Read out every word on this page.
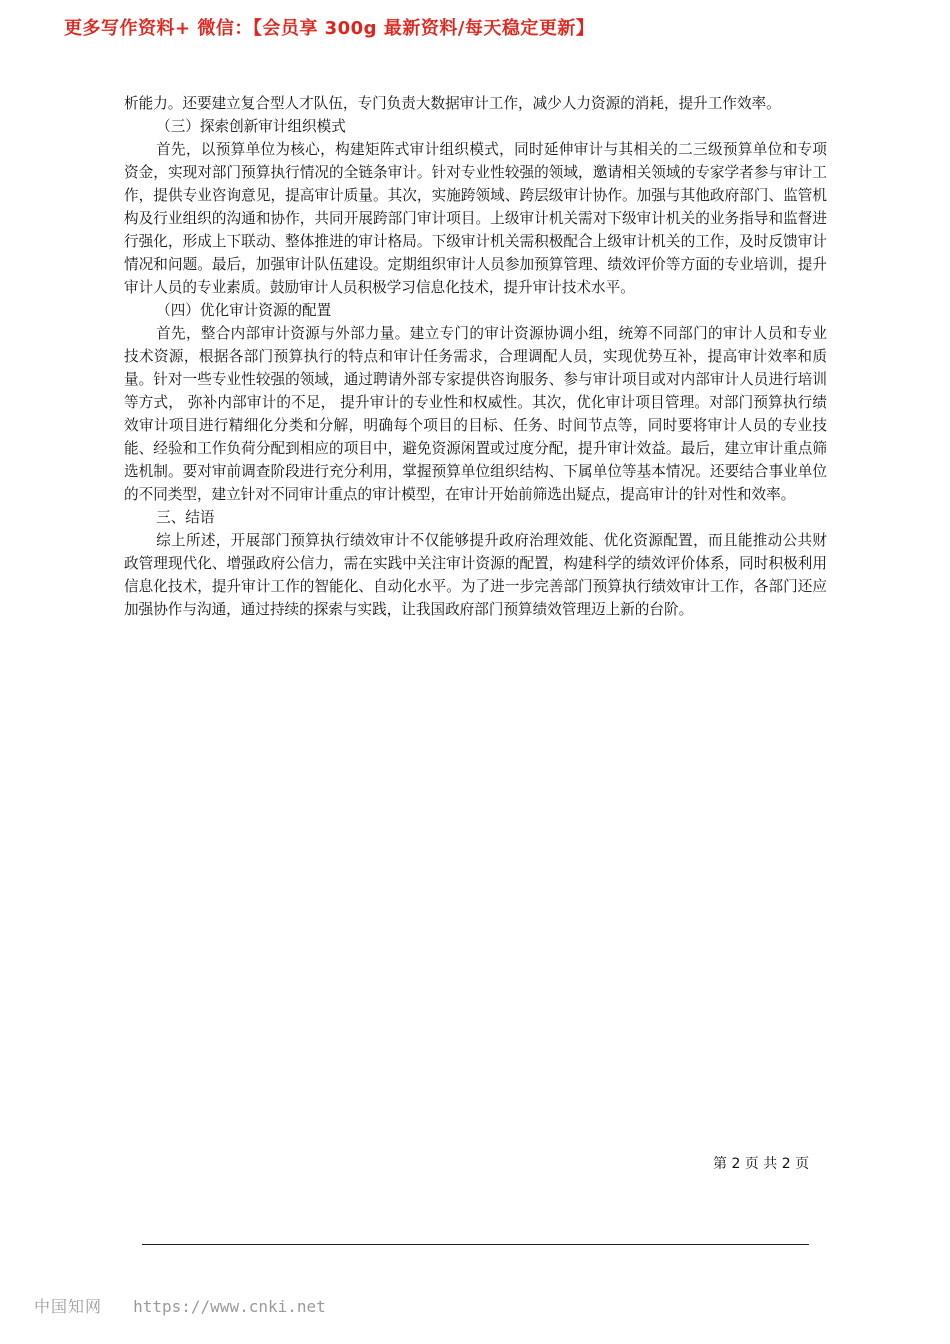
更多写作资料+ 微信：【会员享 300g 最新资料/每天稳定更新】

析能力。还要建立复合型人才队伍，专门负责大数据审计工作，减少人力资源的消耗，提升工作效率。

（三）探索创新审计组织模式

首先，以预算单位为核心，构建矩阵式审计组织模式，同时延伸审计与其相关的二三级预算单位和专项资金，实现对部门预算执行情况的全链条审计。针对专业性较强的领域，邀请相关领域的专家学者参与审计工作，提供专业咨询意见，提高审计质量。其次，实施跨领域、跨层级审计协作。加强与其他政府部门、监管机构及行业组织的沟通和协作，共同开展跨部门审计项目。上级审计机关需对下级审计机关的业务指导和监督进行强化，形成上下联动、整体推进的审计格局。下级审计机关需积极配合上级审计机关的工作，及时反馈审计情况和问题。最后，加强审计队伍建设。定期组织审计人员参加预算管理、绩效评价等方面的专业培训，提升审计人员的专业素质。鼓励审计人员积极学习信息化技术，提升审计技术水平。

（四）优化审计资源的配置

首先，整合内部审计资源与外部力量。建立专门的审计资源协调小组，统筹不同部门的审计人员和专业技术资源，根据各部门预算执行的特点和审计任务需求，合理调配人员，实现优势互补，提高审计效率和质量。针对一些专业性较强的领域，通过聘请外部专家提供咨询服务、参与审计项目或对内部审计人员进行培训等方式， 弥补内部审计的不足， 提升审计的专业性和权威性。其次，优化审计项目管理。对部门预算执行绩效审计项目进行精细化分类和分解，明确每个项目的目标、任务、时间节点等，同时要将审计人员的专业技能、经验和工作负荷分配到相应的项目中，避免资源闲置或过度分配，提升审计效益。最后，建立审计重点筛选机制。要对审前调查阶段进行充分利用，掌握预算单位组织结构、下属单位等基本情况。还要结合事业单位的不同类型，建立针对不同审计重点的审计模型，在审计开始前筛选出疑点，提高审计的针对性和效率。

三、结语

综上所述，开展部门预算执行绩效审计不仅能够提升政府治理效能、优化资源配置，而且能推动公共财政管理现代化、增强政府公信力，需在实践中关注审计资源的配置，构建科学的绩效评价体系，同时积极利用信息化技术，提升审计工作的智能化、自动化水平。为了进一步完善部门预算执行绩效审计工作，各部门还应加强协作与沟通，通过持续的探索与实践，让我国政府部门预算绩效管理迈上新的台阶。

第 2 页 共 2 页
中国知网 https://www.cnki.net
